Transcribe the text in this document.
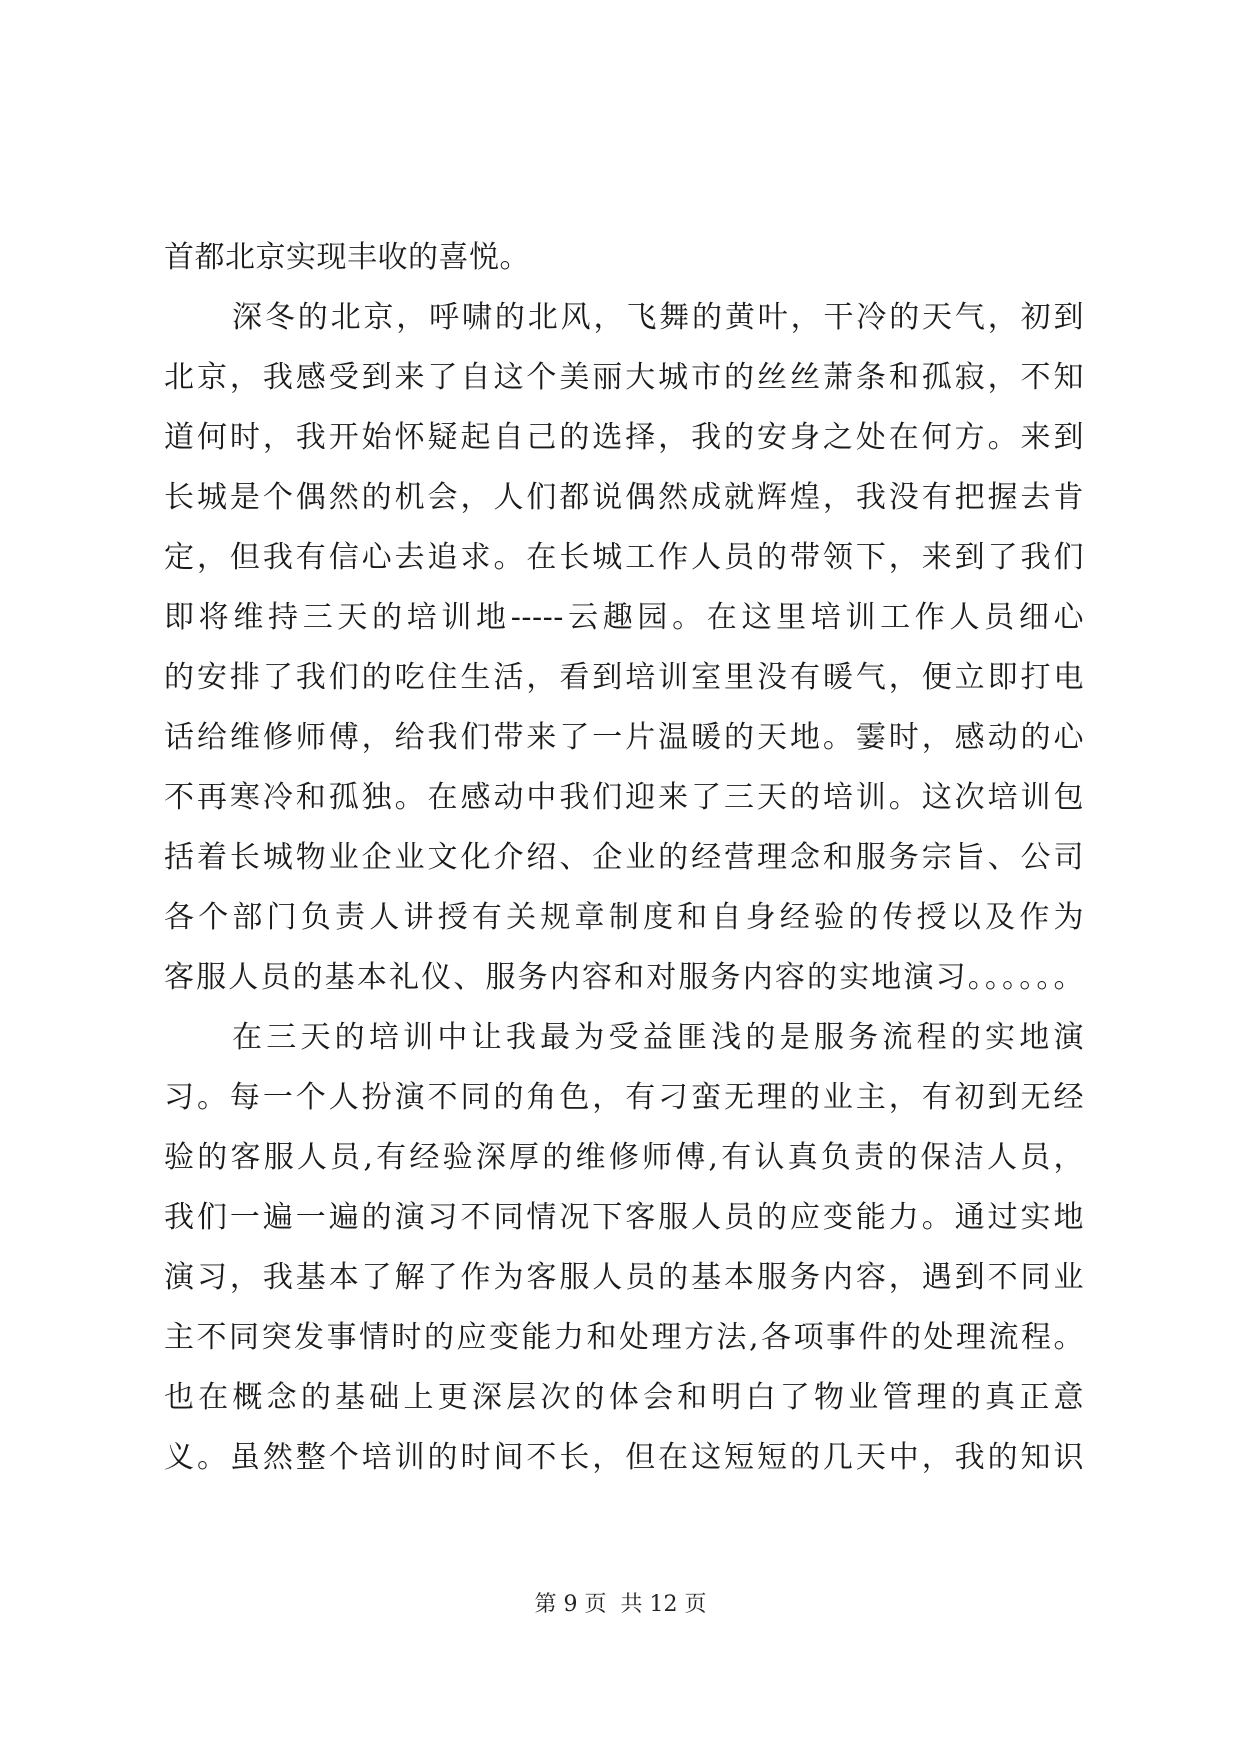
首都北京实现丰收的喜悦。
深冬的北京，呼啸的北风，飞舞的黄叶，干冷的天气，初到
北京，我感受到来了自这个美丽大城市的丝丝萧条和孤寂，不知
道何时，我开始怀疑起自己的选择，我的安身之处在何方。来到
长城是个偶然的机会，人们都说偶然成就辉煌，我没有把握去肯
定，但我有信心去追求。在长城工作人员的带领下，来到了我们
即将维持三天的培训地-----云趣园。在这里培训工作人员细心
的安排了我们的吃住生活，看到培训室里没有暖气，便立即打电
话给维修师傅，给我们带来了一片温暖的天地。霎时，感动的心
不再寒冷和孤独。在感动中我们迎来了三天的培训。这次培训包
括着长城物业企业文化介绍、企业的经营理念和服务宗旨、公司
各个部门负责人讲授有关规章制度和自身经验的传授以及作为
客服人员的基本礼仪、服务内容和对服务内容的实地演习。。。。。。
在三天的培训中让我最为受益匪浅的是服务流程的实地演
习。每一个人扮演不同的角色，有刁蛮无理的业主，有初到无经
验的客服人员,有经验深厚的维修师傅,有认真负责的保洁人员，
我们一遍一遍的演习不同情况下客服人员的应变能力。通过实地
演习，我基本了解了作为客服人员的基本服务内容，遇到不同业
主不同突发事情时的应变能力和处理方法,各项事件的处理流程。
也在概念的基础上更深层次的体会和明白了物业管理的真正意
义。虽然整个培训的时间不长，但在这短短的几天中，我的知识
第 9 页  共 12 页
